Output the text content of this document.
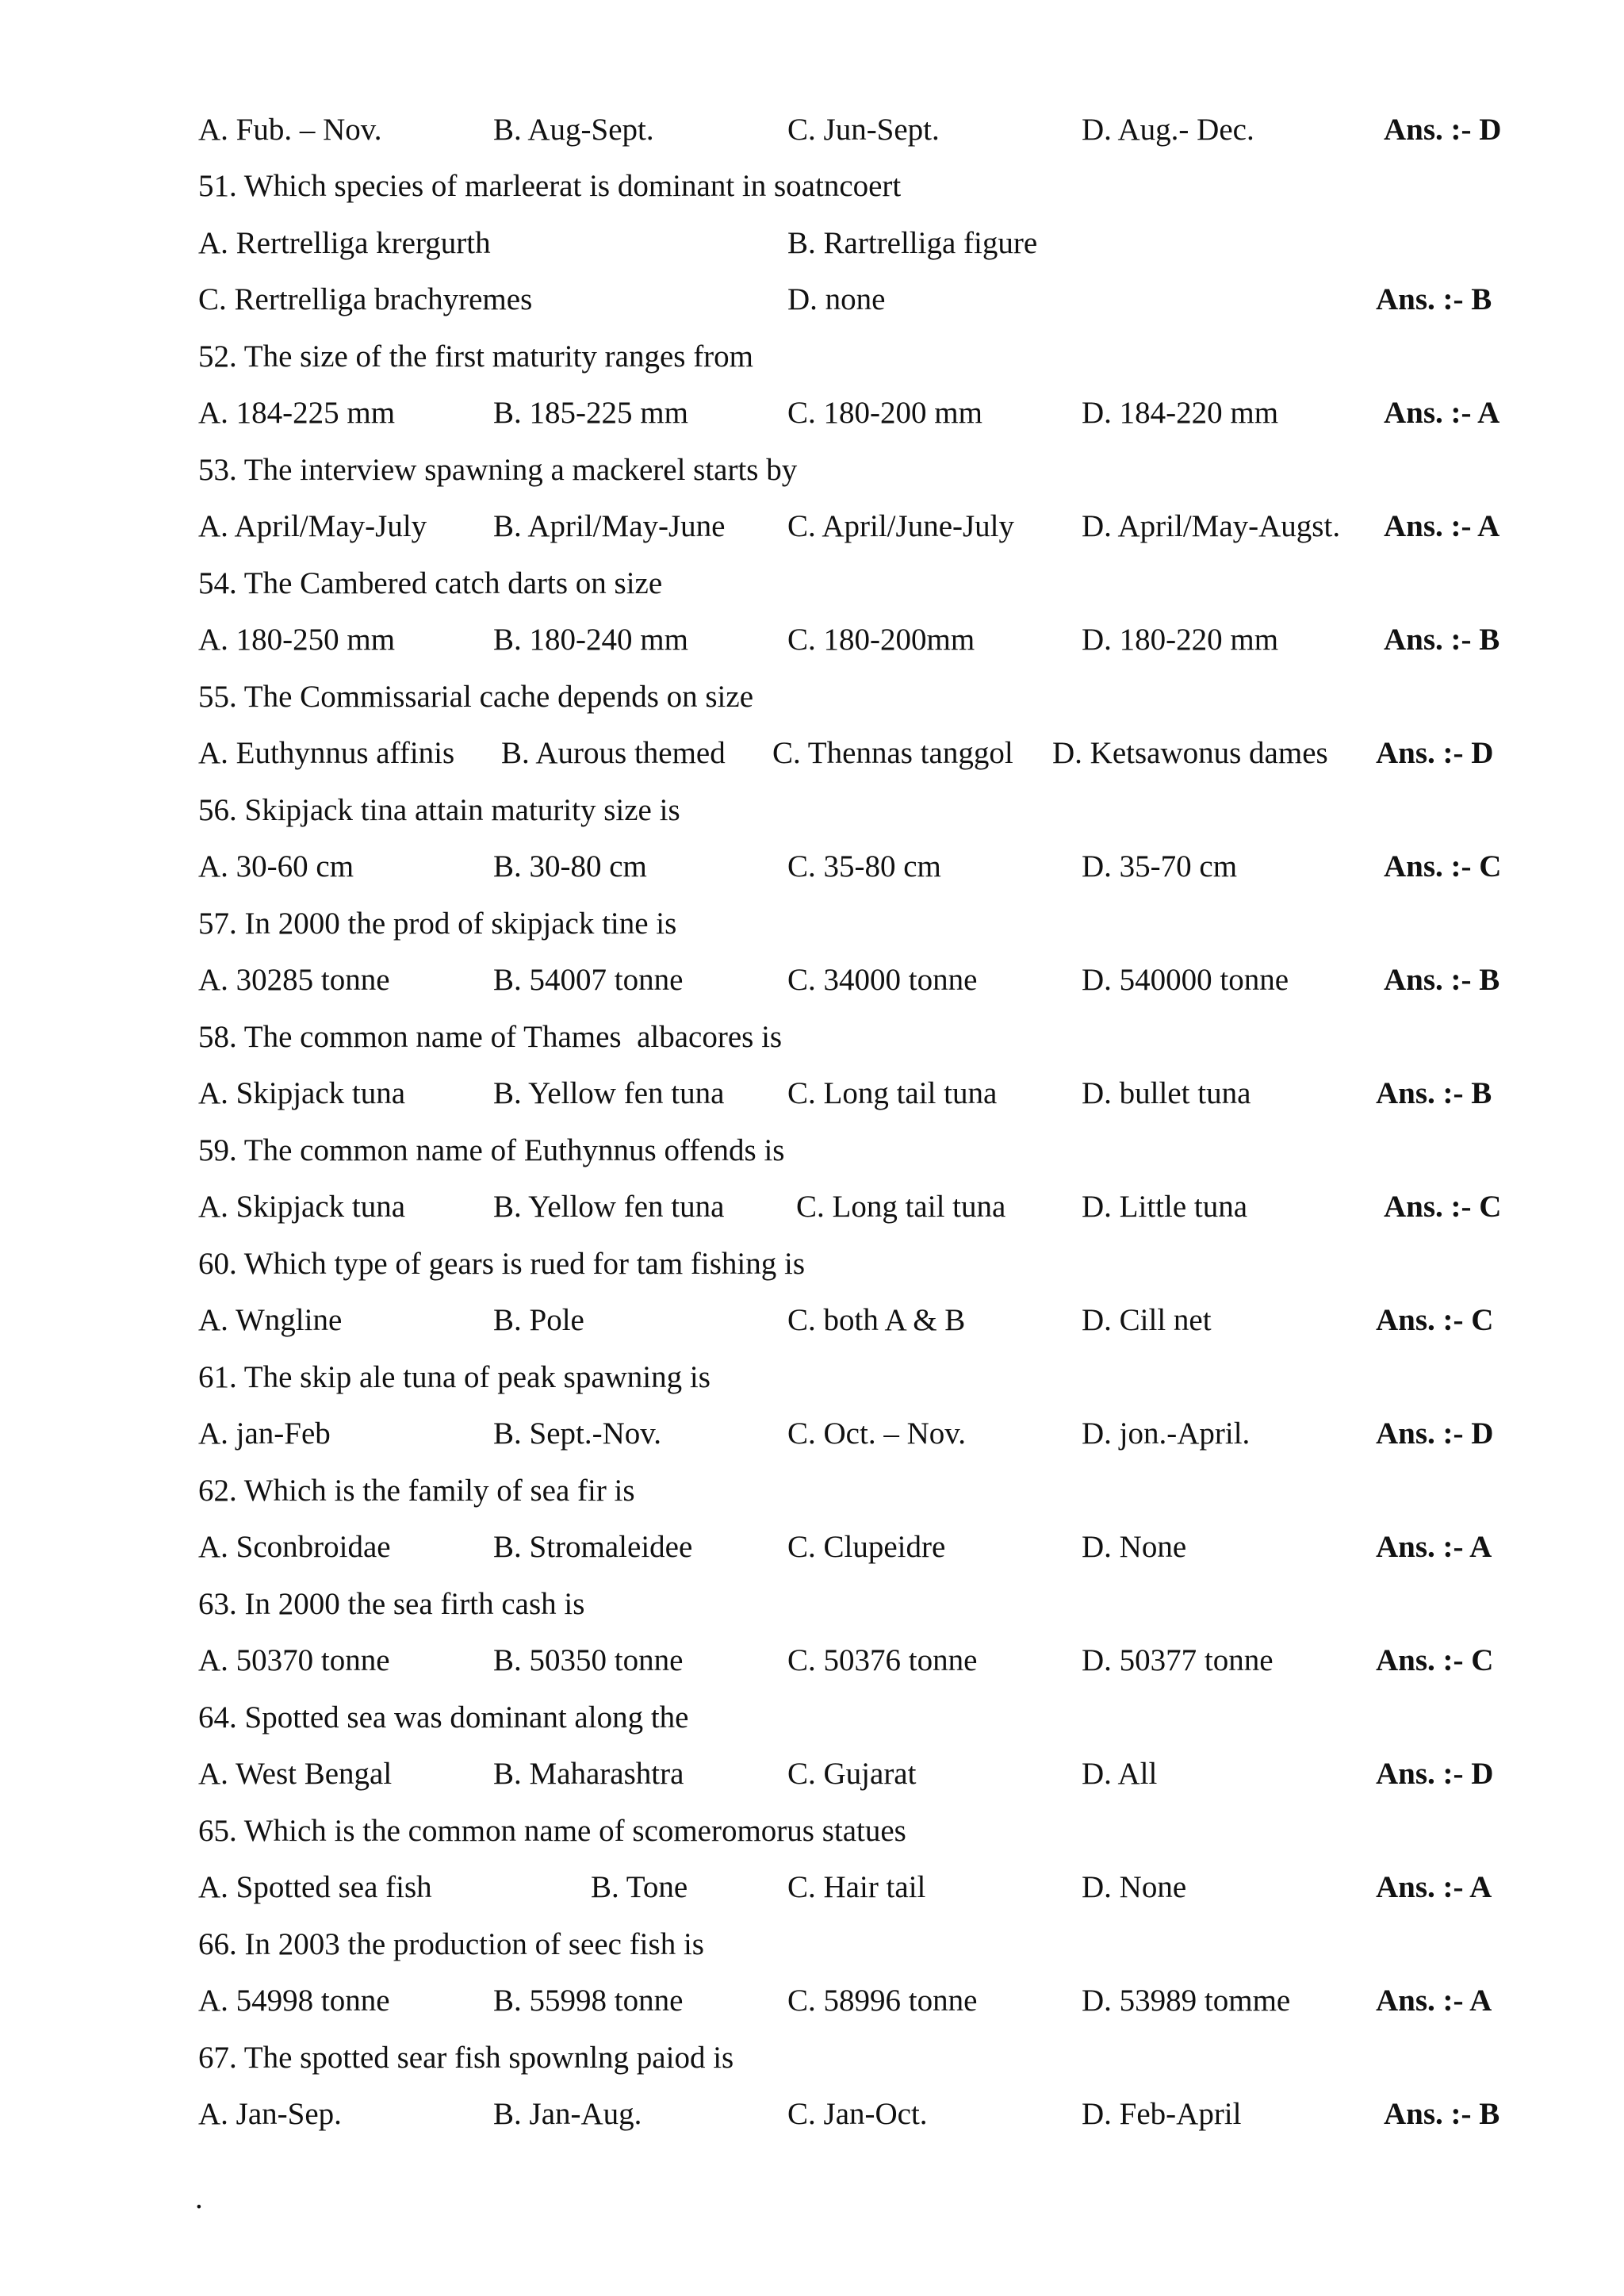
A. Fub. – Nov.	B. Aug-Sept.	C. Jun-Sept.	D. Aug.- Dec.	Ans. :- D
51. Which species of marleerat is dominant in soatncoert
A. Rertrelliga krergurth	B. Rartrelliga figure
C. Rertrelliga brachyremes	D. none	Ans. :- B
52. The size of the first maturity ranges from
A. 184-225 mm	B. 185-225 mm	C. 180-200 mm	D. 184-220 mm	Ans. :- A
53. The interview spawning a mackerel starts by
A. April/May-July B. April/May-June C. April/June-July D. April/May-Augst. Ans. :- A
54. The Cambered catch darts on size
A. 180-250 mm	B. 180-240 mm	C. 180-200mm	D. 180-220 mm	Ans. :- B
55. The Commissarial cache depends on size
A. Euthynnus affinis B. Aurous themed C. Thennas tanggol D. Ketsawonus dames Ans. :- D
56. Skipjack tina attain maturity size is
A. 30-60 cm	B. 30-80 cm	C. 35-80 cm	D. 35-70 cm	Ans. :- C
57. In 2000 the prod of skipjack tine is
A. 30285 tonne	B. 54007 tonne	C. 34000 tonne	D. 540000 tonne	Ans. :- B
58. The common name of Thames  albacores is
A. Skipjack tuna	B. Yellow fen tuna C. Long tail tuna	D. bullet tuna	Ans. :- B
59. The common name of Euthynnus offends is
A. Skipjack tuna	B. Yellow fen tuna C. Long tail tuna D. Little tuna	Ans. :- C
60. Which type of gears is rued for tam fishing is
A. Wngline	B. Pole	C. both A & B	D. Cill net	Ans. :- C
61. The skip ale tuna of peak spawning is
A. jan-Feb	B. Sept.-Nov.	C. Oct. – Nov.	D. jon.-April.	Ans. :- D
62. Which is the family of sea fir is
A. Sconbroidae	B. Stromaleidee	C. Clupeidre	D. None	Ans. :- A
63. In 2000 the sea firth cash is
A. 50370 tonne	B. 50350 tonne	C. 50376 tonne	D. 50377 tonne	Ans. :- C
64. Spotted sea was dominant along the
A. West Bengal	B. Maharashtra	C. Gujarat	D. All	Ans. :- D
65. Which is the common name of scomeromorus statues
A. Spotted sea fish	B. Tone	C. Hair tail	D. None	Ans. :- A
66. In 2003 the production of seec fish is
A. 54998 tonne	B. 55998 tonne	C. 58996 tonne	D. 53989 tomme	Ans. :- A
67. The spotted sear fish spownlng paiod is
A. Jan-Sep.	B. Jan-Aug.	C. Jan-Oct.	D. Feb-April	Ans. :- B
.
